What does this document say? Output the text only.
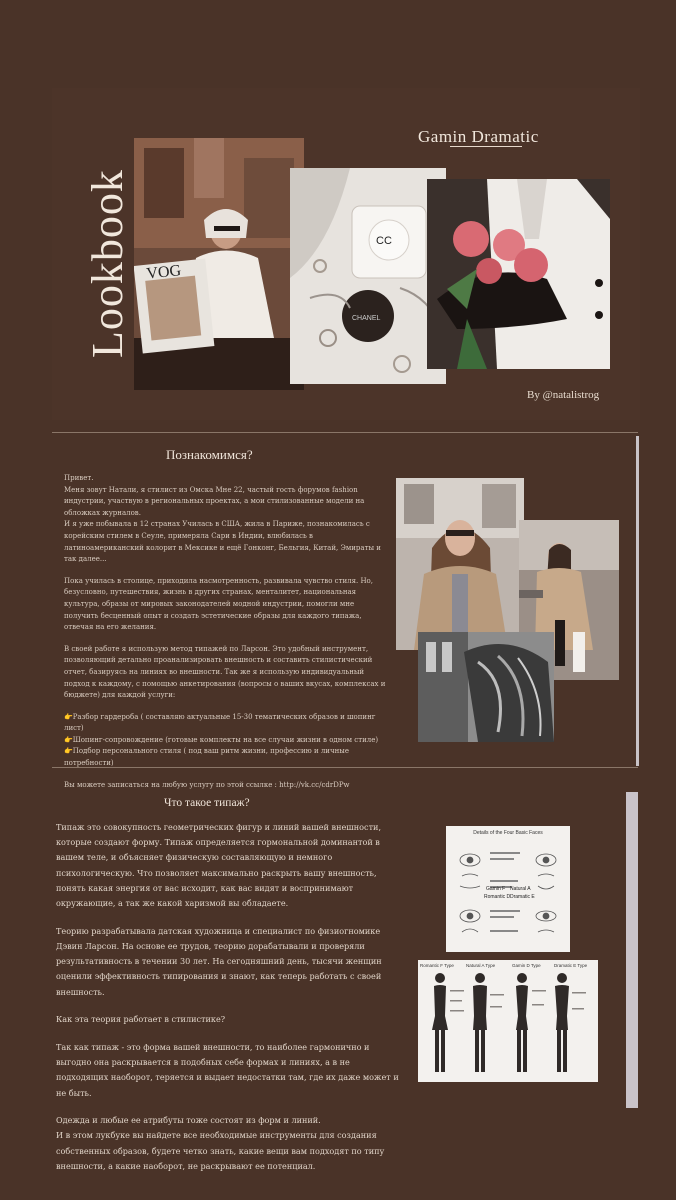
Lookbook
Gamin Dramatic
VOG
CC
CHANEL
By @natalistrog
Познакомимся?

Привет.

Меня зовут Натали, я стилист из Омска Мне 22, частый гость форумов fashion индустрии, участвую в региональных проектах, а мои стилизованные модели на обложках журналов.

И я уже побывала в 12 странах Училась в США, жила в Париже, познакомилась с корейским стилем в Сеуле, примеряла Сари в Индии, влюбилась в латиноамериканский колорит в Мексике и ещё Гонконг, Бельгия, Китай, Эмираты и так далее...

Пока училась в столице, приходила насмотренность, развивала чувство стиля. Но, безусловно, путешествия, жизнь в других странах, менталитет, национальная культура, образы от мировых законодателей модной индустрии, помогли мне получить бесценный опыт и создать эстетические образы для каждого типажа, отвечая на его желания.

В своей работе я использую метод типажей по Ларсон. Это удобный инструмент, позволяющий детально проанализировать внешность и составить стилистический отчет, базируясь на линиях во внешности. Так же я использую индивидуальный подход к каждому, с помощью анкетирования (вопросы о ваших вкусах, комплексах и бюджете) для каждой услуги:

👉Разбор гардероба ( составляю актуальные 15-30 тематических образов и шопинг лист)

👉Шопинг-сопровождение (готовые комплекты на все случаи жизни в одном стиле)

👉Подбор персонального стиля ( под ваш ритм жизни, профессию и личные потребности)

Вы можете записаться на любую услугу по этой ссылке : http://vk.cc/cdrDPw

Что такое типаж?

Типаж это совокупность геометрических фигур и линий вашей внешности, которые создают форму. Типаж определяется гормональной доминантой в вашем теле, и объясняет физическую составляющую и немного психологическую. Что позволяет максимально раскрыть вашу внешность, понять какая энергия от вас исходит, как вас видят и воспринимают окружающие, а так же какой харизмой вы обладаете.

Теорию разрабатывала датская художница и специалист по физиогномике Дэвин Ларсон. На основе ее трудов, теорию дорабатывали и проверяли результативность в течении 30 лет. На сегодняшний день, тысячи женщин оценили эффективность типирования и знают, как теперь работать с своей внешность.

Как эта теория работает в стилистике?

Так как типаж - это форма вашей внешности, то наиболее гармонично и выгодно она раскрывается в подобных себе формах и линиях, а в не подходящих наоборот, теряется и выдает недостатки там, где их даже может и не быть.

Одежда и любые ее атрибуты тоже состоят из форм и линий.
И в этом лукбуке вы найдете все необходимые инструменты для создания собственных образов, будете четко знать, какие вещи вам подходят по типу внешности, а какие наоборот, не раскрывают ее потенциал.

Details of the Four Basic Faces
Gamin F Natural A
Romantic D Dramatic E
Romantic F Type	Natural A Type	Gamin D Type	Dramatic E Type
